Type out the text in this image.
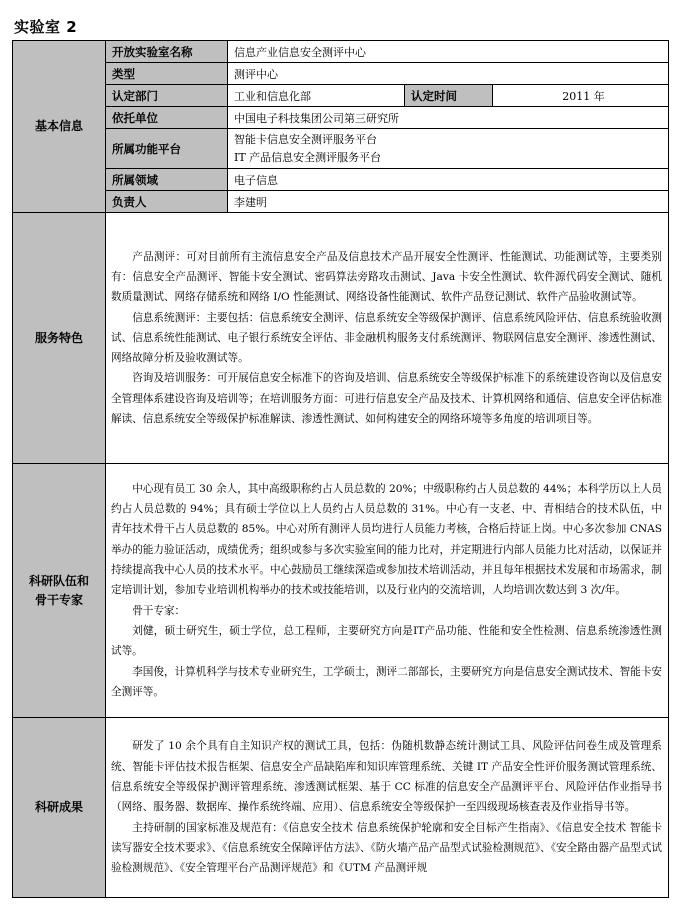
实验室 2
基本信息	开放实验室名称	信息产业信息安全测评中心		
	类型	测评中心		
	认定部门	工业和信息化部	认定时间	2011 年
	依托单位	中国电子科技集团公司第三研究所		
	所属功能平台	智能卡信息安全测评服务平台
IT 产品信息安全测评服务平台		

	所属领域	电子信息		
	负责人	李建明		
服务特色	产品测评：可对目前所有主流信息安全产品及信息技术产品开展安全性测评、性能测试、功能测试等，主要类别有：信息安全产品测评、智能卡安全测试、密码算法旁路攻击测试、Java 卡安全性测试、软件源代码安全测试、随机数质量测试、网络存储系统和网络 I/O 性能测试、网络设备性能测试、软件产品登记测试、软件产品验收测试等。

信息系统测评：主要包括：信息系统安全测评、信息系统安全等级保护测评、信息系统风险评估、信息系统验收测试、信息系统性能测试、电子银行系统安全评估、非金融机构服务支付系统测评、物联网信息安全测评、渗透性测试、网络故障分析及验收测试等。

咨询及培训服务：可开展信息安全标准下的咨询及培训、信息系统安全等级保护标准下的系统建设咨询以及信息安全管理体系建设咨询及培训等；在培训服务方面：可进行信息安全产品及技术、计算机网络和通信、信息安全评估标准解读、信息系统安全等级保护标准解读、渗透性测试、如何构建安全的网络环境等多角度的培训项目等。			

科研队伍和骨干专家	中心现有员工 30 余人，其中高级职称约占人员总数的 20%；中级职称约占人员总数的 44%；本科学历以上人员约占人员总数的 94%；具有硕士学位以上人员约占人员总数的 31%。中心有一支老、中、青相结合的技术队伍，中青年技术骨干占人员总数的 85%。中心对所有测评人员均进行人员能力考核，合格后持证上岗。中心多次参加 CNAS 举办的能力验证活动，成绩优秀；组织或参与多次实验室间的能力比对，并定期进行内部人员能力比对活动，以保证并持续提高我中心人员的技术水平。中心鼓励员工继续深造或参加技术培训活动，并且每年根据技术发展和市场需求，制定培训计划，参加专业培训机构举办的技术或技能培训，以及行业内的交流培训，人均培训次数达到 3 次/年。

骨干专家：

刘健，硕士研究生，硕士学位，总工程师，主要研究方向是IT产品功能、性能和安全性检测、信息系统渗透性测试等。

李国俊，计算机科学与技术专业研究生，工学硕士，测评二部部长，主要研究方向是信息安全测试技术、智能卡安全测评等。			

科研成果	研发了 10 余个具有自主知识产权的测试工具，包括：伪随机数静态统计测试工具、风险评估问卷生成及管理系统、智能卡评估技术报告框架、信息安全产品缺陷库和知识库管理系统、关键 IT 产品安全性评价服务测试管理系统、信息系统安全等级保护测评管理系统、渗透测试框架、基于 CC 标准的信息安全产品测评平台、风险评估作业指导书（网络、服务器、数据库、操作系统终端、应用）、信息系统安全等级保护一至四级现场核查表及作业指导书等。

主持研制的国家标准及规范有：《信息安全技术 信息系统保护轮廓和安全目标产生指南》、《信息安全技术 智能卡读写器安全技术要求》、《信息系统安全保障评估方法》、《防火墙产品产品型式试验检测规范》、《安全路由器产品型式试验检测规范》、《安全管理平台产品测评规范》和《UTM 产品测评规			
